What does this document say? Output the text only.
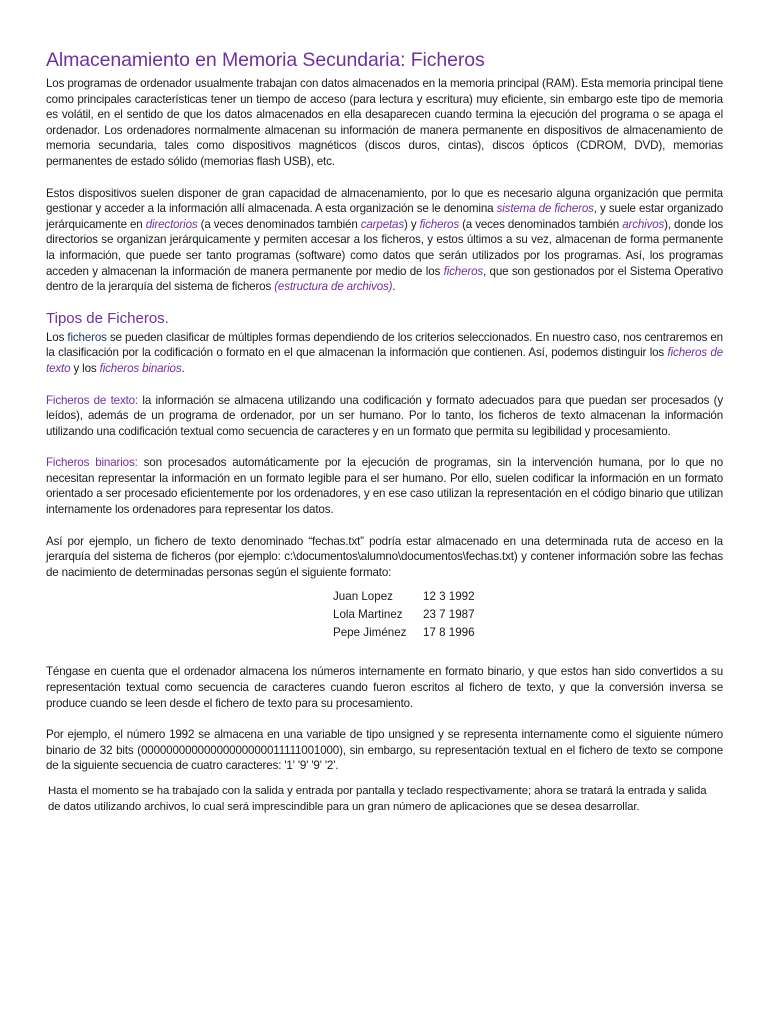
Almacenamiento en Memoria Secundaria: Ficheros

Los programas de ordenador usualmente trabajan con datos almacenados en la memoria principal (RAM). Esta memoria principal tiene como principales características tener un tiempo de acceso (para lectura y escritura) muy eficiente, sin embargo este tipo de memoria es volátil, en el sentido de que los datos almacenados en ella desaparecen cuando termina la ejecución del programa o se apaga el ordenador. Los ordenadores normalmente almacenan su información de manera permanente en dispositivos de almacenamiento de memoria secundaria, tales como dispositivos magnéticos (discos duros, cintas), discos ópticos (CDROM, DVD), memorias permanentes de estado sólido (memorias flash USB), etc.

Estos dispositivos suelen disponer de gran capacidad de almacenamiento, por lo que es necesario alguna organización que permita gestionar y acceder a la información allí almacenada. A esta organización se le denomina sistema de ficheros, y suele estar organizado jerárquicamente en directorios (a veces denominados también carpetas) y ficheros (a veces denominados también archivos), donde los directorios se organizan jerárquicamente y permiten accesar a los ficheros, y estos últimos a su vez, almacenan de forma permanente la información, que puede ser tanto programas (software) como datos que serán utilizados por los programas. Así, los programas acceden y almacenan la información de manera permanente por medio de los ficheros, que son gestionados por el Sistema Operativo dentro de la jerarquía del sistema de ficheros (estructura de archivos).

Tipos de Ficheros.

Los ficheros se pueden clasificar de múltiples formas dependiendo de los criterios seleccionados. En nuestro caso, nos centraremos en la clasificación por la codificación o formato en el que almacenan la información que contienen. Así, podemos distinguir los ficheros de texto y los ficheros binarios.

Ficheros de texto: la información se almacena utilizando una codificación y formato adecuados para que puedan ser procesados (y leídos), además de un programa de ordenador, por un ser humano. Por lo tanto, los ficheros de texto almacenan la información utilizando una codificación textual como secuencia de caracteres y en un formato que permita su legibilidad y procesamiento.

Ficheros binarios: son procesados automáticamente por la ejecución de programas, sin la intervención humana, por lo que no necesitan representar la información en un formato legible para el ser humano. Por ello, suelen codificar la información en un formato orientado a ser procesado eficientemente por los ordenadores, y en ese caso utilizan la representación en el código binario que utilizan internamente los ordenadores para representar los datos.

Así por ejemplo, un fichero de texto denominado “fechas.txt” podría estar almacenado en una determinada ruta de acceso en la jerarquía del sistema de ficheros (por ejemplo: c:\documentos\alumno\documentos\fechas.txt) y contener información sobre las fechas de nacimiento de determinadas personas según el siguiente formato:

Juan Lopez	12 3 1992
Lola Martinez	23 7 1987
Pepe Jiménez	17 8 1996

Téngase en cuenta que el ordenador almacena los números internamente en formato binario, y que estos han sido convertidos a su representación textual como secuencia de caracteres cuando fueron escritos al fichero de texto, y que la conversión inversa se produce cuando se leen desde el fichero de texto para su procesamiento.

Por ejemplo, el número 1992 se almacena en una variable de tipo unsigned y se representa internamente como el siguiente número binario de 32 bits (00000000000000000000011111001000), sin embargo, su representación textual en el fichero de texto se compone de la siguiente secuencia de cuatro caracteres: '1' '9' '9' '2'.

Hasta el momento se ha trabajado con la salida y entrada por pantalla y teclado respectivamente; ahora se tratará la entrada y salida de datos utilizando archivos, lo cual será imprescindible para un gran número de aplicaciones que se desea desarrollar.
